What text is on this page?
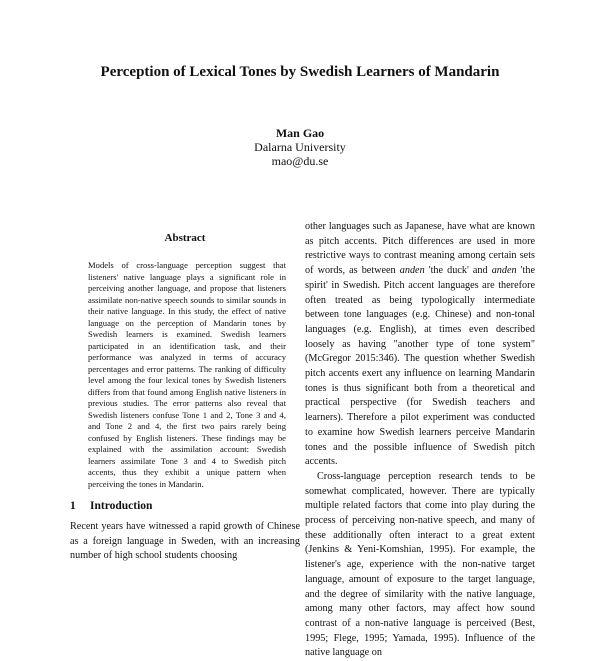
Perception of Lexical Tones by Swedish Learners of Mandarin
Man Gao
Dalarna University
mao@du.se
Abstract

Models of cross-language perception suggest that listeners' native language plays a significant role in perceiving another language, and propose that listeners assimilate non-native speech sounds to similar sounds in their native language. In this study, the effect of native language on the perception of Mandarin tones by Swedish learners is examined. Swedish learners participated in an identification task, and their performance was analyzed in terms of accuracy percentages and error patterns. The ranking of difficulty level among the four lexical tones by Swedish listeners differs from that found among English native listeners in previous studies. The error patterns also reveal that Swedish listeners confuse Tone 1 and 2, Tone 3 and 4, and Tone 2 and 4, the first two pairs rarely being confused by English listeners. These findings may be explained with the assimilation account: Swedish learners assimilate Tone 3 and 4 to Swedish pitch accents, thus they exhibit a unique pattern when perceiving the tones in Mandarin.

1 Introduction

Recent years have witnessed a rapid growth of Chinese as a foreign language in Sweden, with an increasing number of high school students choosing

other languages such as Japanese, have what are known as pitch accents. Pitch differences are used in more restrictive ways to contrast meaning among certain sets of words, as between anden 'the duck' and anden 'the spirit' in Swedish. Pitch accent languages are therefore often treated as being typologically intermediate between tone languages (e.g. Chinese) and non-tonal languages (e.g. English), at times even described loosely as having "another type of tone system" (McGregor 2015:346). The question whether Swedish pitch accents exert any influence on learning Mandarin tones is thus significant both from a theoretical and practical perspective (for Swedish teachers and learners). Therefore a pilot experiment was conducted to examine how Swedish learners perceive Mandarin tones and the possible influence of Swedish pitch accents.

Cross-language perception research tends to be somewhat complicated, however. There are typically multiple related factors that come into play during the process of perceiving non-native speech, and many of these additionally often interact to a great extent (Jenkins & Yeni-Komshian, 1995). For example, the listener's age, experience with the non-native target language, amount of exposure to the target language, and the degree of similarity with the native language, among many other factors, may affect how sound contrast of a non-native language is perceived (Best, 1995; Flege, 1995; Yamada, 1995). Influence of the native language on
